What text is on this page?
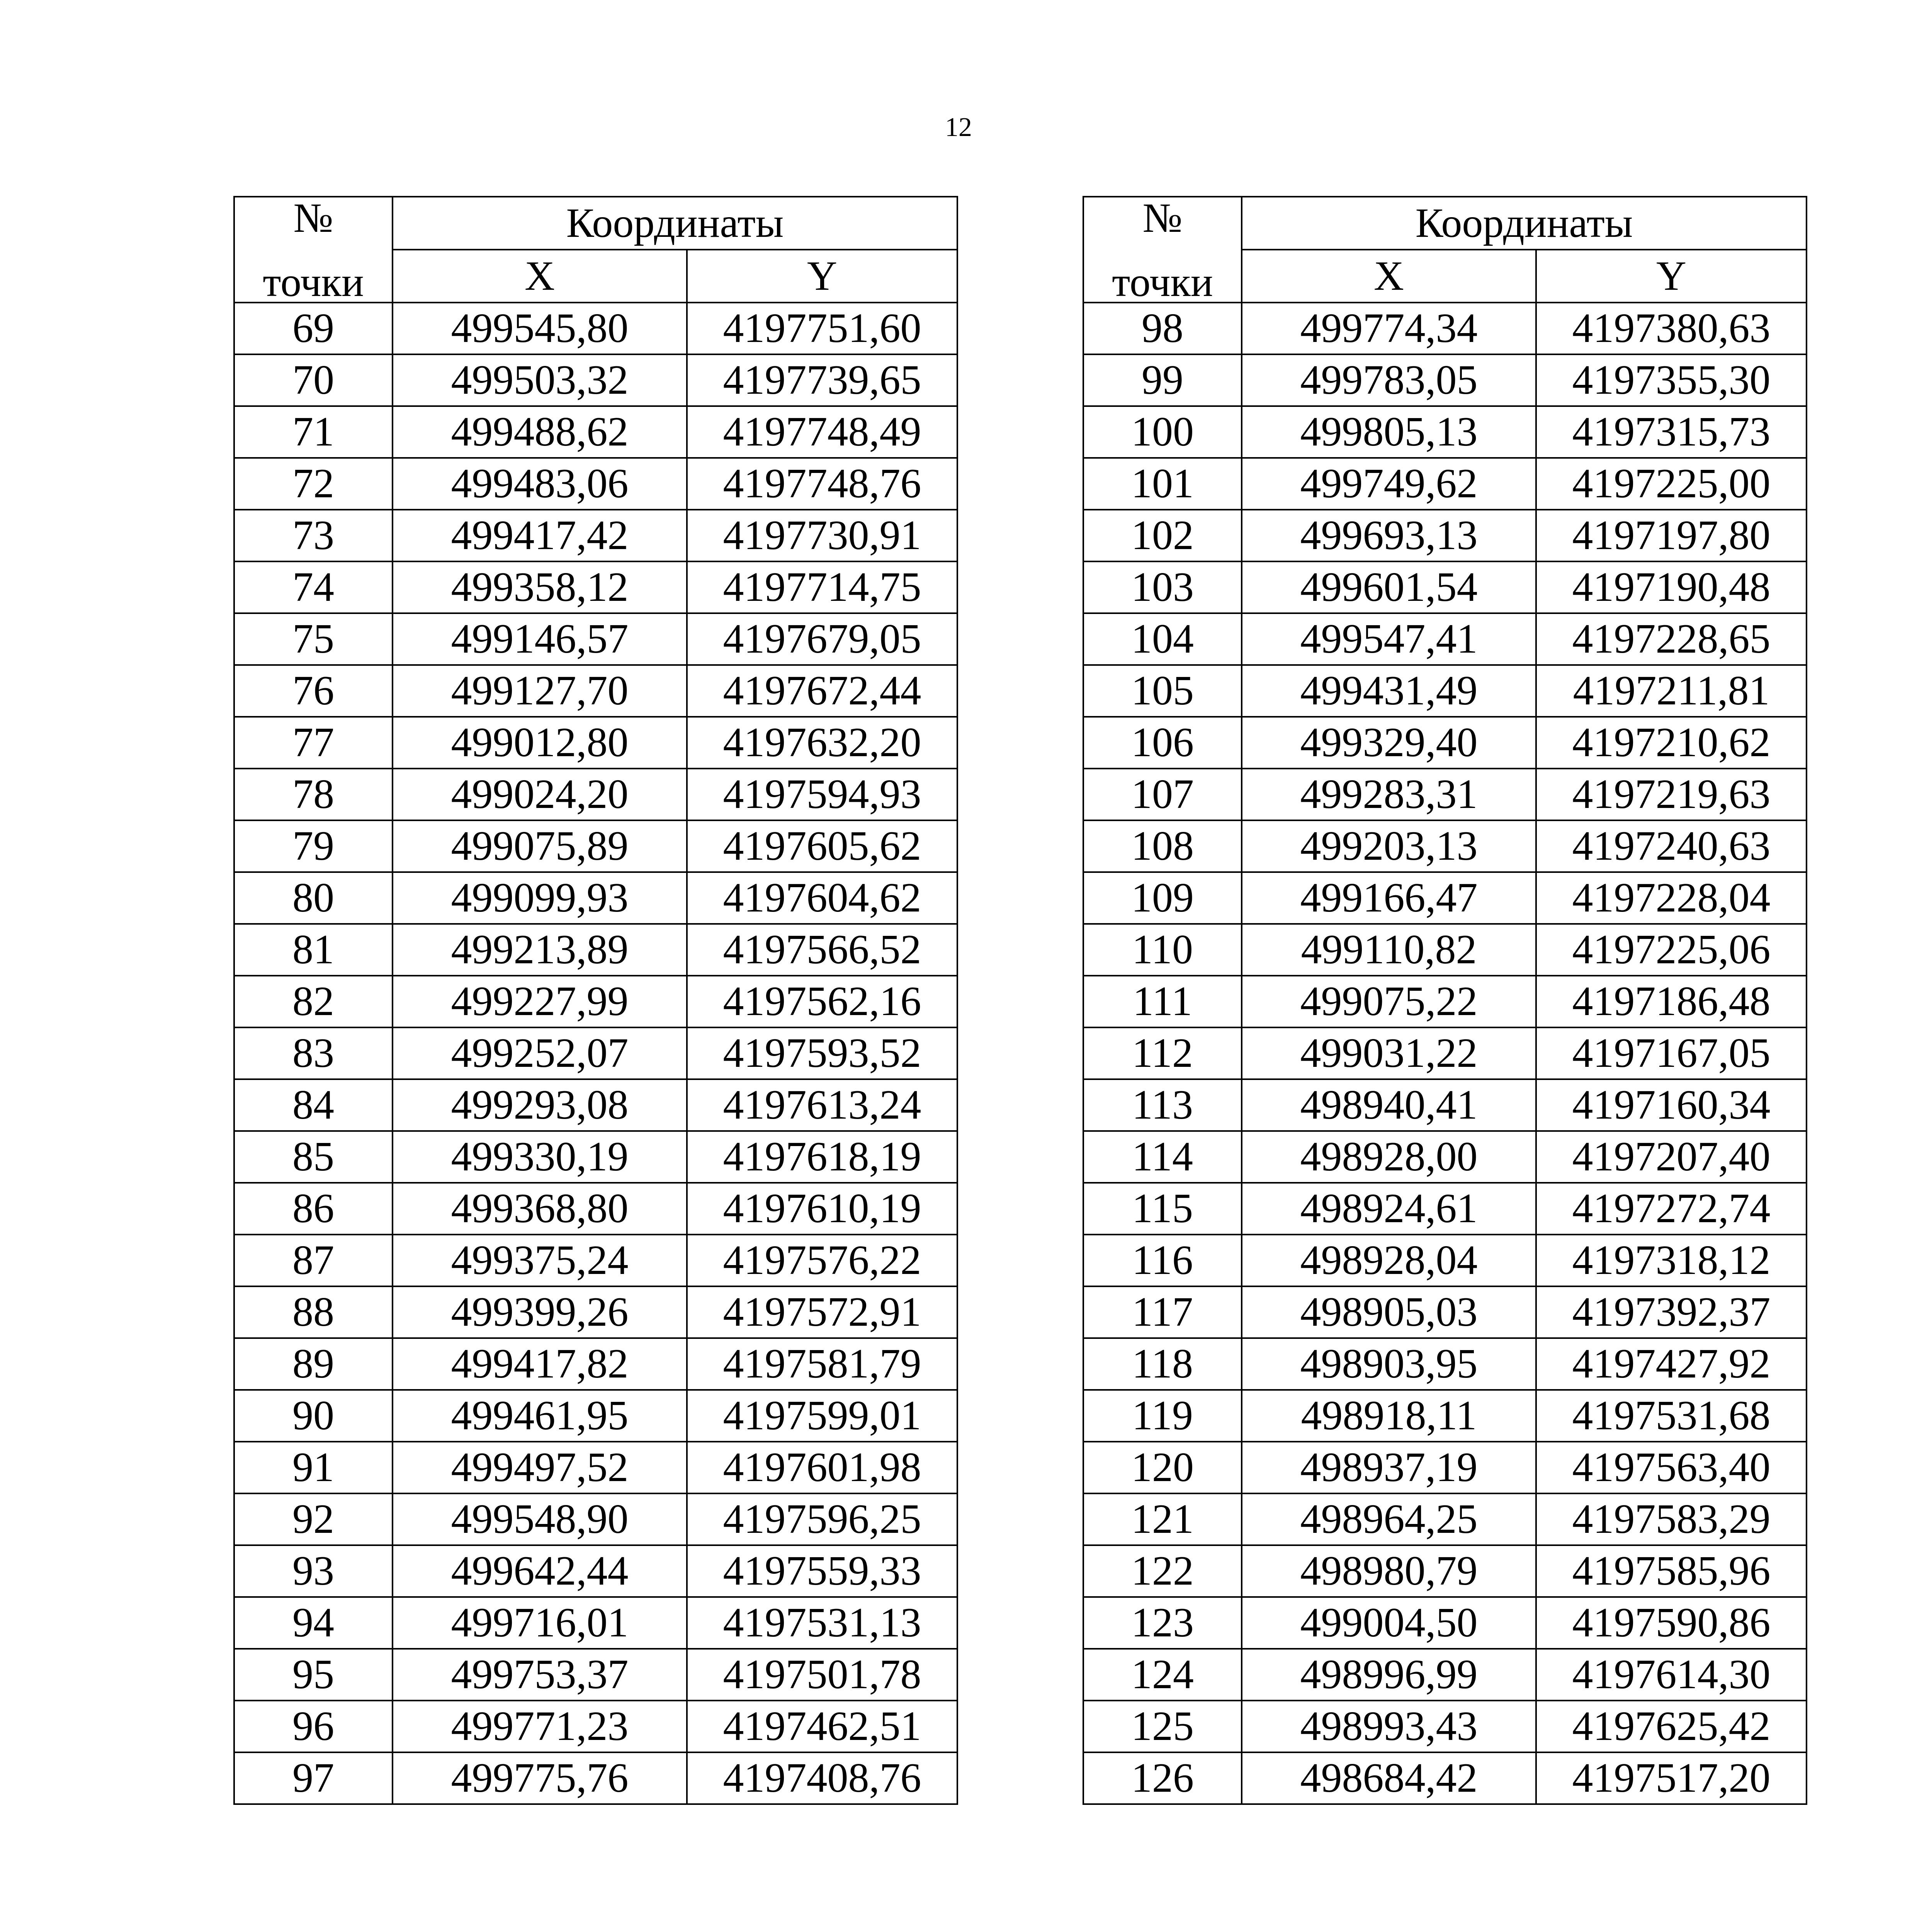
12
№
точки	Координаты	
	X	Y
69	499545,80	4197751,60
70	499503,32	4197739,65
71	499488,62	4197748,49
72	499483,06	4197748,76
73	499417,42	4197730,91
74	499358,12	4197714,75
75	499146,57	4197679,05
76	499127,70	4197672,44
77	499012,80	4197632,20
78	499024,20	4197594,93
79	499075,89	4197605,62
80	499099,93	4197604,62
81	499213,89	4197566,52
82	499227,99	4197562,16
83	499252,07	4197593,52
84	499293,08	4197613,24
85	499330,19	4197618,19
86	499368,80	4197610,19
87	499375,24	4197576,22
88	499399,26	4197572,91
89	499417,82	4197581,79
90	499461,95	4197599,01
91	499497,52	4197601,98
92	499548,90	4197596,25
93	499642,44	4197559,33
94	499716,01	4197531,13
95	499753,37	4197501,78
96	499771,23	4197462,51
97	499775,76	4197408,76
№
точки	Координаты	
	X	Y
98	499774,34	4197380,63
99	499783,05	4197355,30
100	499805,13	4197315,73
101	499749,62	4197225,00
102	499693,13	4197197,80
103	499601,54	4197190,48
104	499547,41	4197228,65
105	499431,49	4197211,81
106	499329,40	4197210,62
107	499283,31	4197219,63
108	499203,13	4197240,63
109	499166,47	4197228,04
110	499110,82	4197225,06
111	499075,22	4197186,48
112	499031,22	4197167,05
113	498940,41	4197160,34
114	498928,00	4197207,40
115	498924,61	4197272,74
116	498928,04	4197318,12
117	498905,03	4197392,37
118	498903,95	4197427,92
119	498918,11	4197531,68
120	498937,19	4197563,40
121	498964,25	4197583,29
122	498980,79	4197585,96
123	499004,50	4197590,86
124	498996,99	4197614,30
125	498993,43	4197625,42
126	498684,42	4197517,20
